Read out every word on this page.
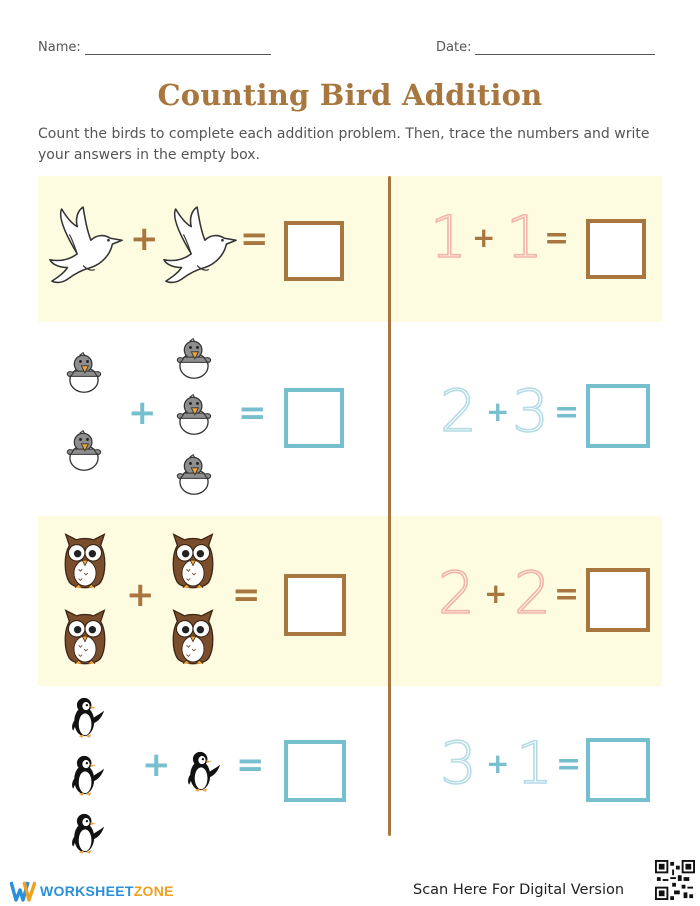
Name:	Date:
Counting Bird Addition
Count the birds to complete each addition problem. Then, trace the numbers and write your answers in the empty box.
+ =	1 + 1 =
+ =	2 + 3 =
+ =	2 + 2 =
+ =	3 + 1 =
WORKSHEETZONE	Scan Here For Digital Version
